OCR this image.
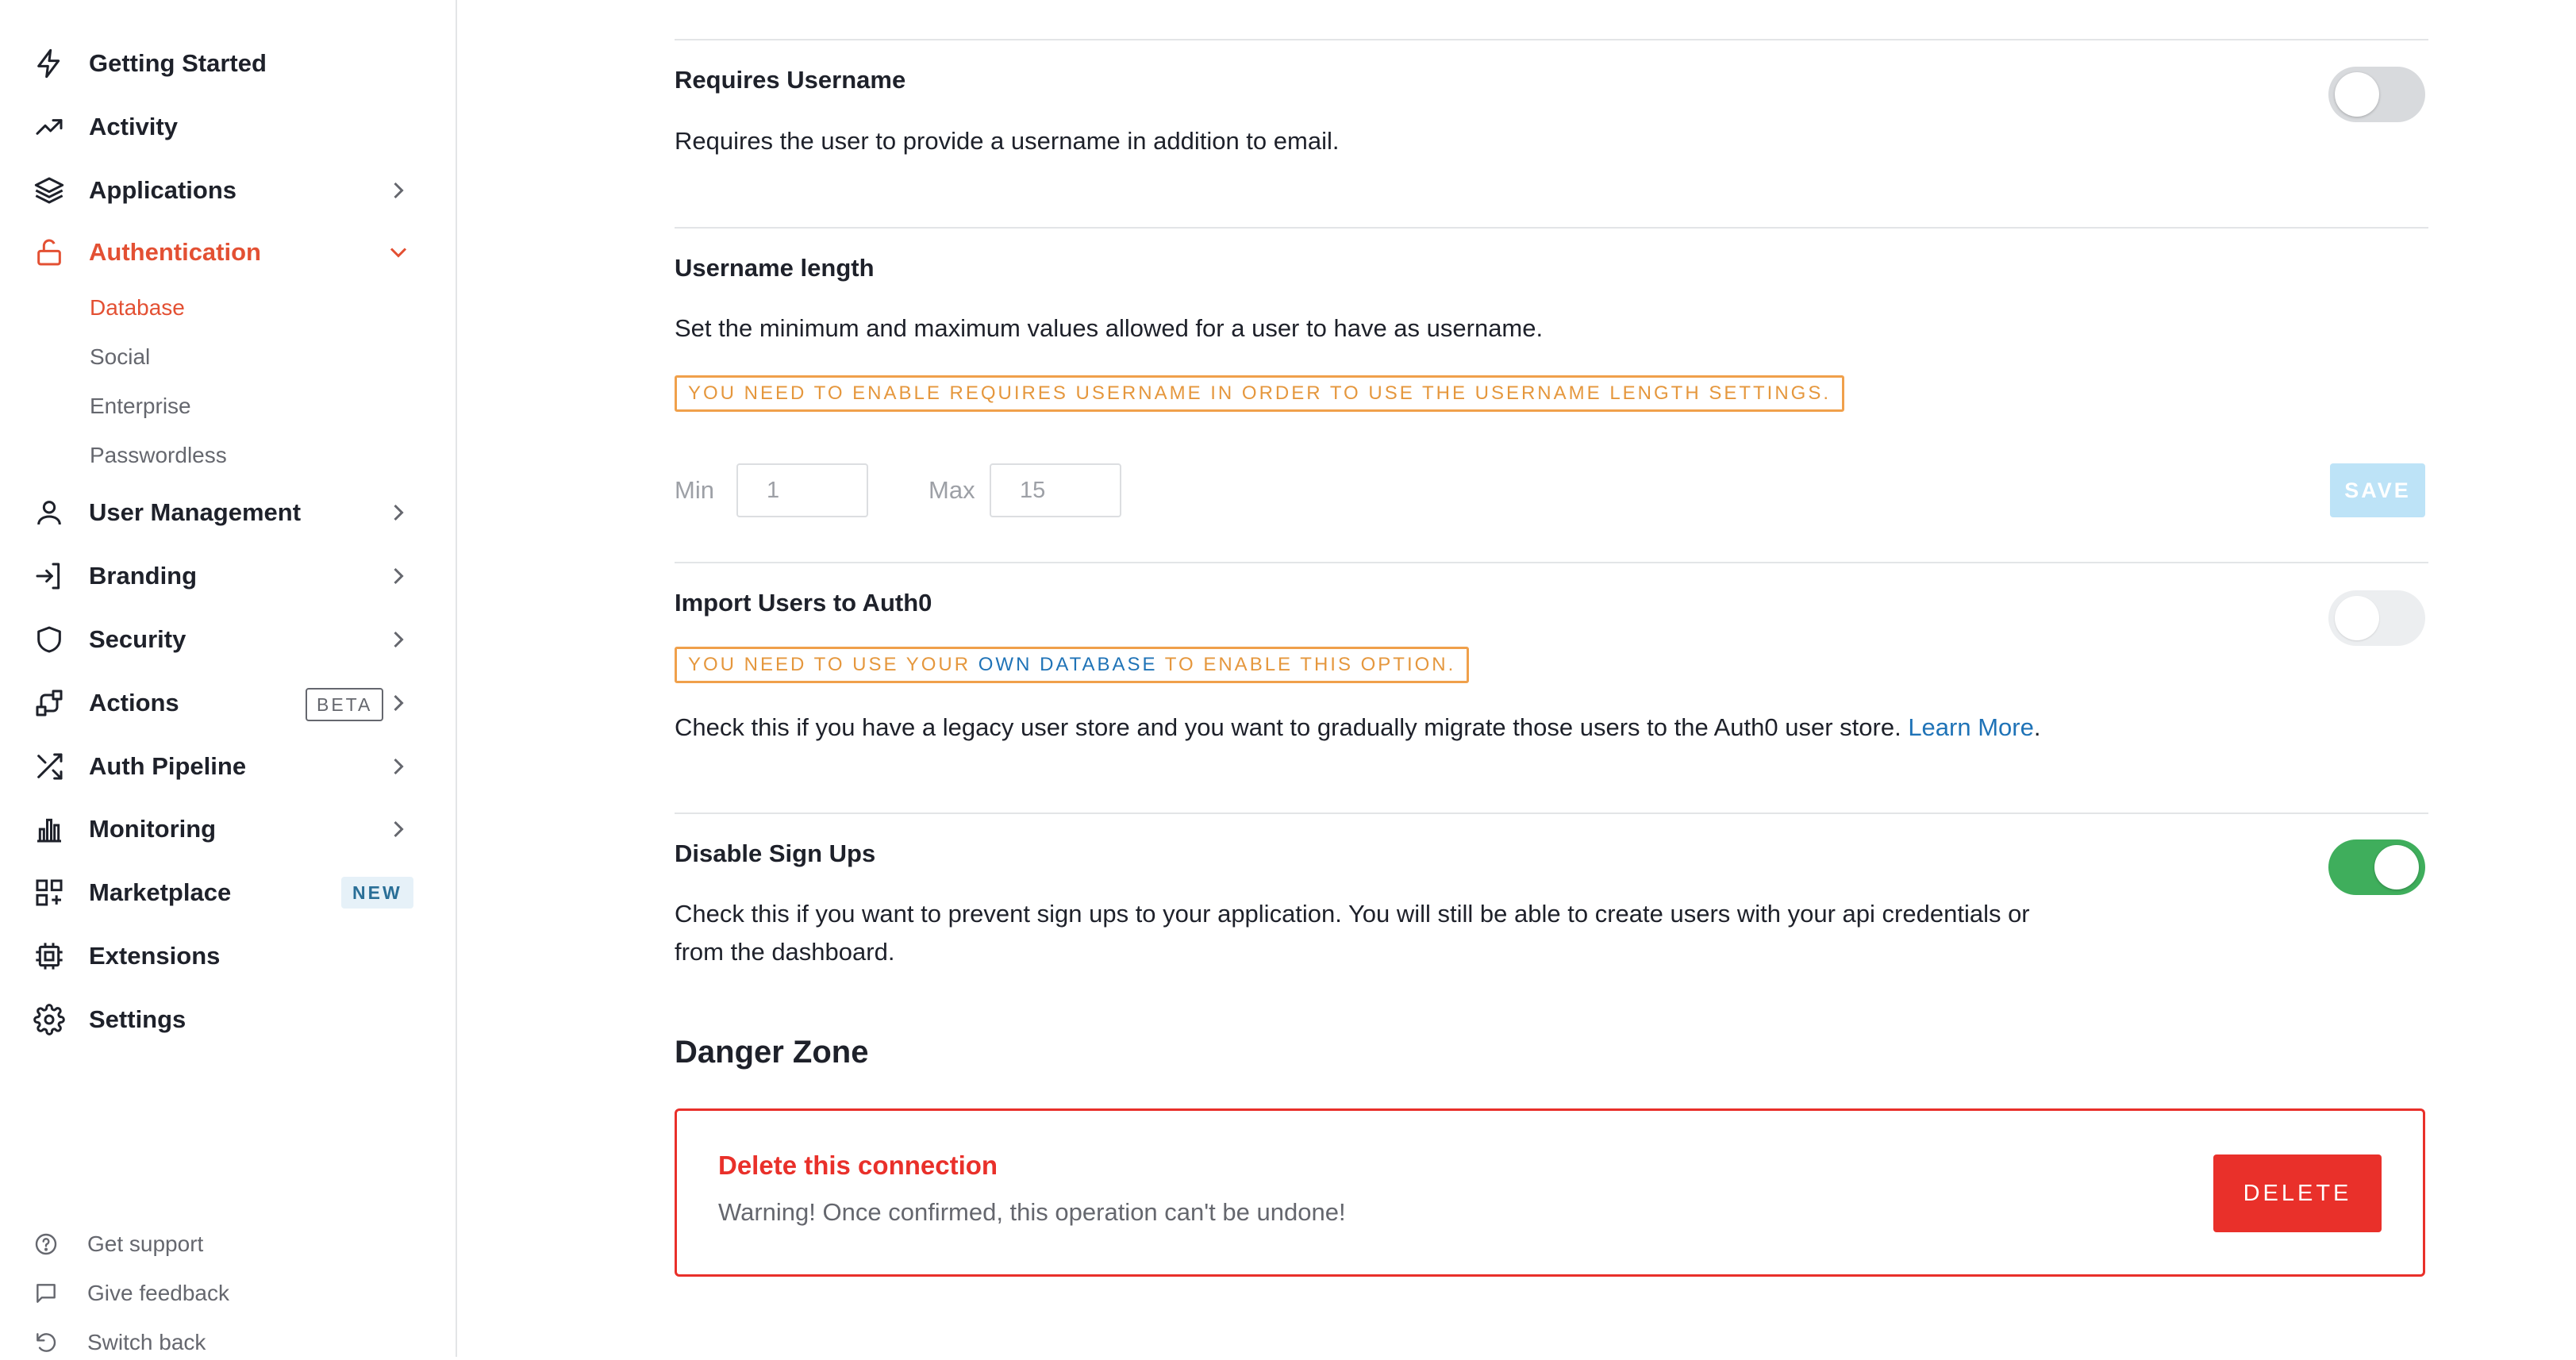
Getting Started
Activity
Applications
Authentication
Database
Social
Enterprise
Passwordless
User Management
Branding
Security
Actions	BETA
Auth Pipeline
Monitoring
Marketplace	NEW
Extensions
Settings
Get support
Give feedback
Switch back
Requires Username
Requires the user to provide a username in addition to email.
Username length
Set the minimum and maximum values allowed for a user to have as username.
YOU NEED TO ENABLE REQUIRES USERNAME IN ORDER TO USE THE USERNAME LENGTH SETTINGS.
Min
1	Max
15	SAVE
Import Users to Auth0
YOU NEED TO USE YOUR OWN DATABASE TO ENABLE THIS OPTION.
Check this if you have a legacy user store and you want to gradually migrate those users to the Auth0 user store. Learn More.
Disable Sign Ups
Check this if you want to prevent sign ups to your application. You will still be able to create users with your api credentials or
from the dashboard.
Danger Zone
Delete this connection
Warning! Once confirmed, this operation can't be undone!
DELETE
